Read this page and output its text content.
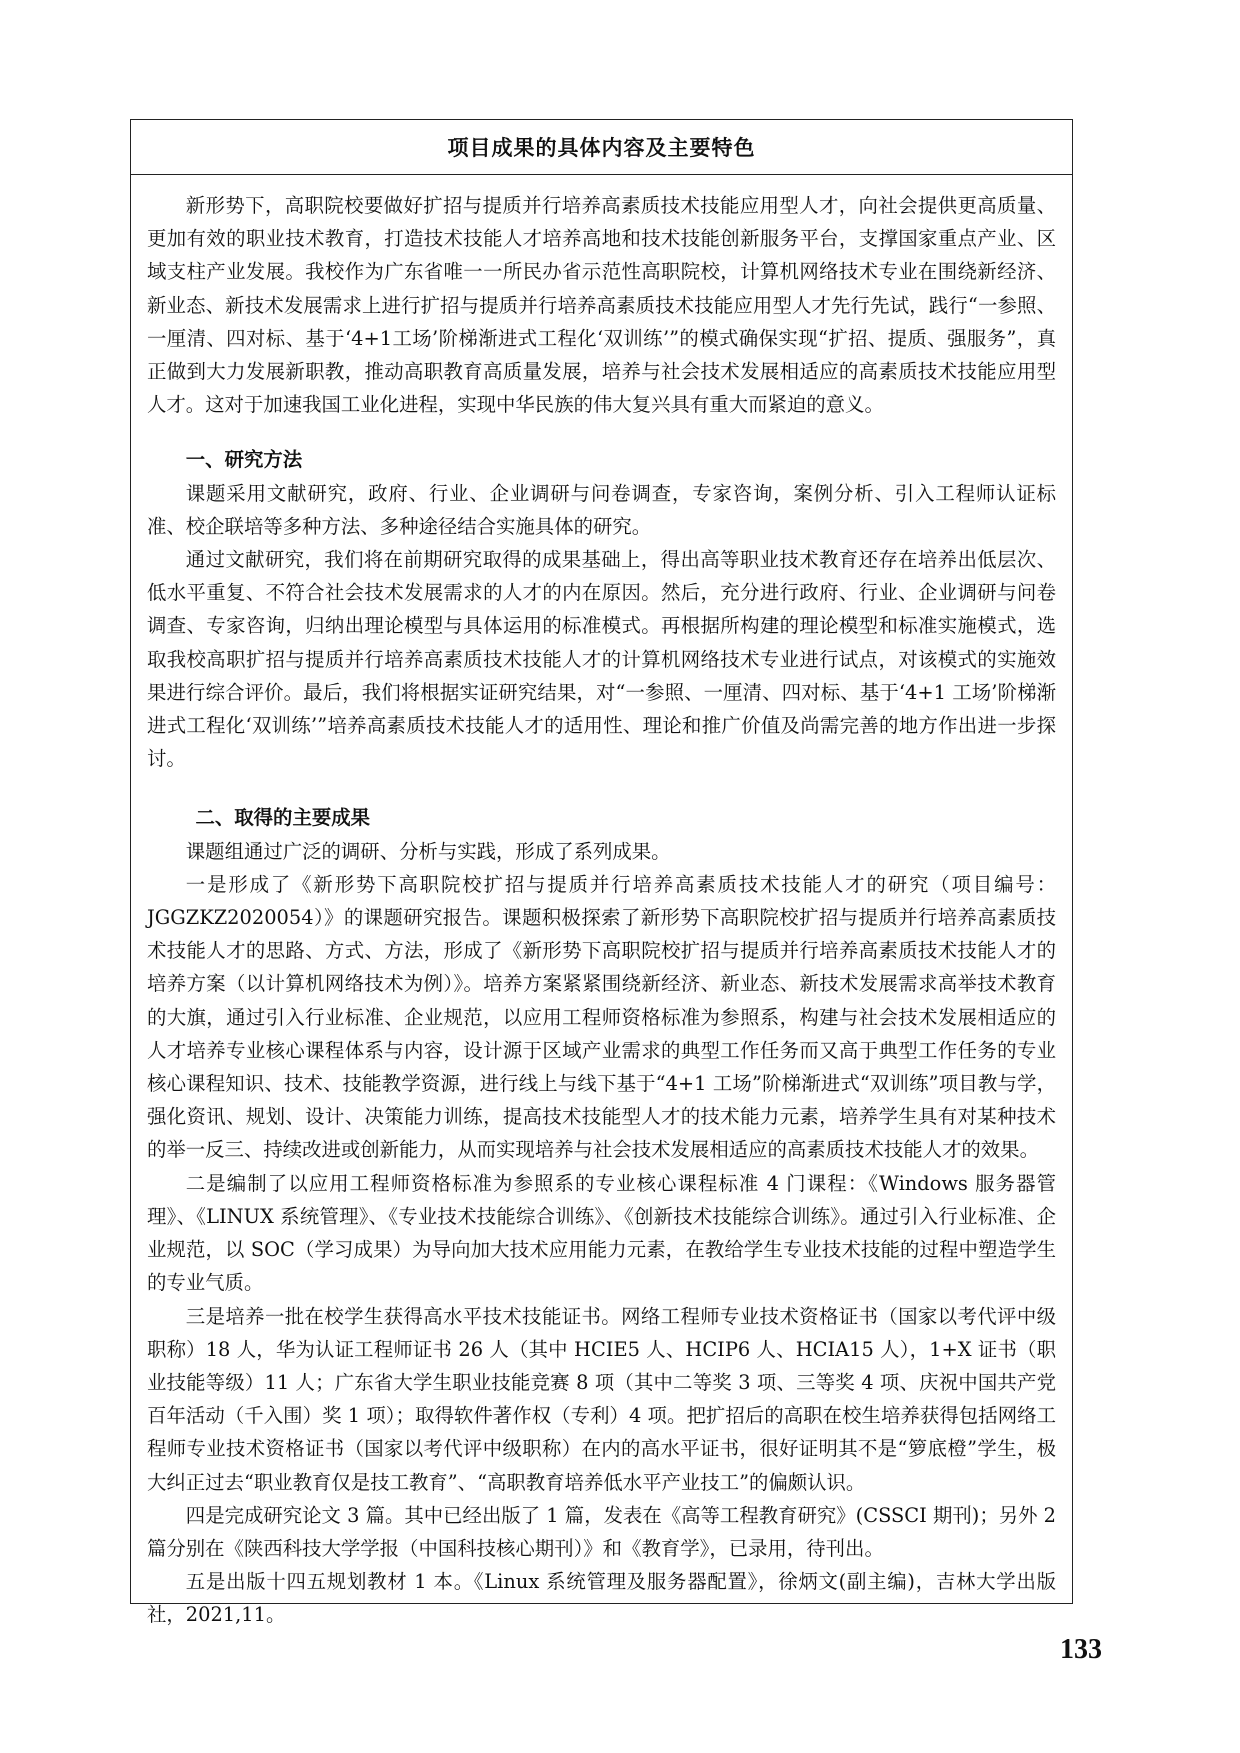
项目成果的具体内容及主要特色

新形势下，高职院校要做好扩招与提质并行培养高素质技术技能应用型人才，向社会提供更高质量、更加有效的职业技术教育，打造技术技能人才培养高地和技术技能创新服务平台，支撑国家重点产业、区域支柱产业发展。我校作为广东省唯一一所民办省示范性高职院校，计算机网络技术专业在围绕新经济、新业态、新技术发展需求上进行扩招与提质并行培养高素质技术技能应用型人才先行先试，践行“一参照、一厘清、四对标、基于‘4+1工场’阶梯渐进式工程化‘双训练’”的模式确保实现“扩招、提质、强服务”，真正做到大力发展新职教，推动高职教育高质量发展，培养与社会技术发展相适应的高素质技术技能应用型人才。这对于加速我国工业化进程，实现中华民族的伟大复兴具有重大而紧迫的意义。

一、研究方法

课题采用文献研究，政府、行业、企业调研与问卷调查，专家咨询，案例分析、引入工程师认证标准、校企联培等多种方法、多种途径结合实施具体的研究。

通过文献研究，我们将在前期研究取得的成果基础上，得出高等职业技术教育还存在培养出低层次、低水平重复、不符合社会技术发展需求的人才的内在原因。然后，充分进行政府、行业、企业调研与问卷调查、专家咨询，归纳出理论模型与具体运用的标准模式。再根据所构建的理论模型和标准实施模式，选取我校高职扩招与提质并行培养高素质技术技能人才的计算机网络技术专业进行试点，对该模式的实施效果进行综合评价。最后，我们将根据实证研究结果，对“一参照、一厘清、四对标、基于‘4+1 工场’阶梯渐进式工程化‘双训练’”培养高素质技术技能人才的适用性、理论和推广价值及尚需完善的地方作出进一步探讨。

二、取得的主要成果

课题组通过广泛的调研、分析与实践，形成了系列成果。

一是形成了《新形势下高职院校扩招与提质并行培养高素质技术技能人才的研究（项目编号：JGGZKZ2020054）》的课题研究报告。课题积极探索了新形势下高职院校扩招与提质并行培养高素质技术技能人才的思路、方式、方法，形成了《新形势下高职院校扩招与提质并行培养高素质技术技能人才的培养方案（以计算机网络技术为例）》。培养方案紧紧围绕新经济、新业态、新技术发展需求高举技术教育的大旗，通过引入行业标准、企业规范，以应用工程师资格标准为参照系，构建与社会技术发展相适应的人才培养专业核心课程体系与内容，设计源于区域产业需求的典型工作任务而又高于典型工作任务的专业核心课程知识、技术、技能教学资源，进行线上与线下基于“4+1 工场”阶梯渐进式“双训练”项目教与学，强化资讯、规划、设计、决策能力训练，提高技术技能型人才的技术能力元素，培养学生具有对某种技术的举一反三、持续改进或创新能力，从而实现培养与社会技术发展相适应的高素质技术技能人才的效果。

二是编制了以应用工程师资格标准为参照系的专业核心课程标准 4 门课程：《Windows 服务器管理》、《LINUX 系统管理》、《专业技术技能综合训练》、《创新技术技能综合训练》。通过引入行业标准、企业规范，以 SOC（学习成果）为导向加大技术应用能力元素，在教给学生专业技术技能的过程中塑造学生的专业气质。

三是培养一批在校学生获得高水平技术技能证书。网络工程师专业技术资格证书（国家以考代评中级职称）18 人，华为认证工程师证书 26 人（其中 HCIE5 人、HCIP6 人、HCIA15 人），1+X 证书（职业技能等级）11 人；广东省大学生职业技能竞赛 8 项（其中二等奖 3 项、三等奖 4 项、庆祝中国共产党百年活动（千入围）奖 1 项）；取得软件著作权（专利）4 项。把扩招后的高职在校生培养获得包括网络工程师专业技术资格证书（国家以考代评中级职称）在内的高水平证书，很好证明其不是“箩底橙”学生，极大纠正过去“职业教育仅是技工教育”、“高职教育培养低水平产业技工”的偏颇认识。

四是完成研究论文 3 篇。其中已经出版了 1 篇，发表在《高等工程教育研究》(CSSCI 期刊)；另外 2 篇分别在《陕西科技大学学报（中国科技核心期刊）》和《教育学》，已录用，待刊出。

五是出版十四五规划教材 1 本。《Linux 系统管理及服务器配置》，徐炳文(副主编)，吉林大学出版社，2021,11。

133
